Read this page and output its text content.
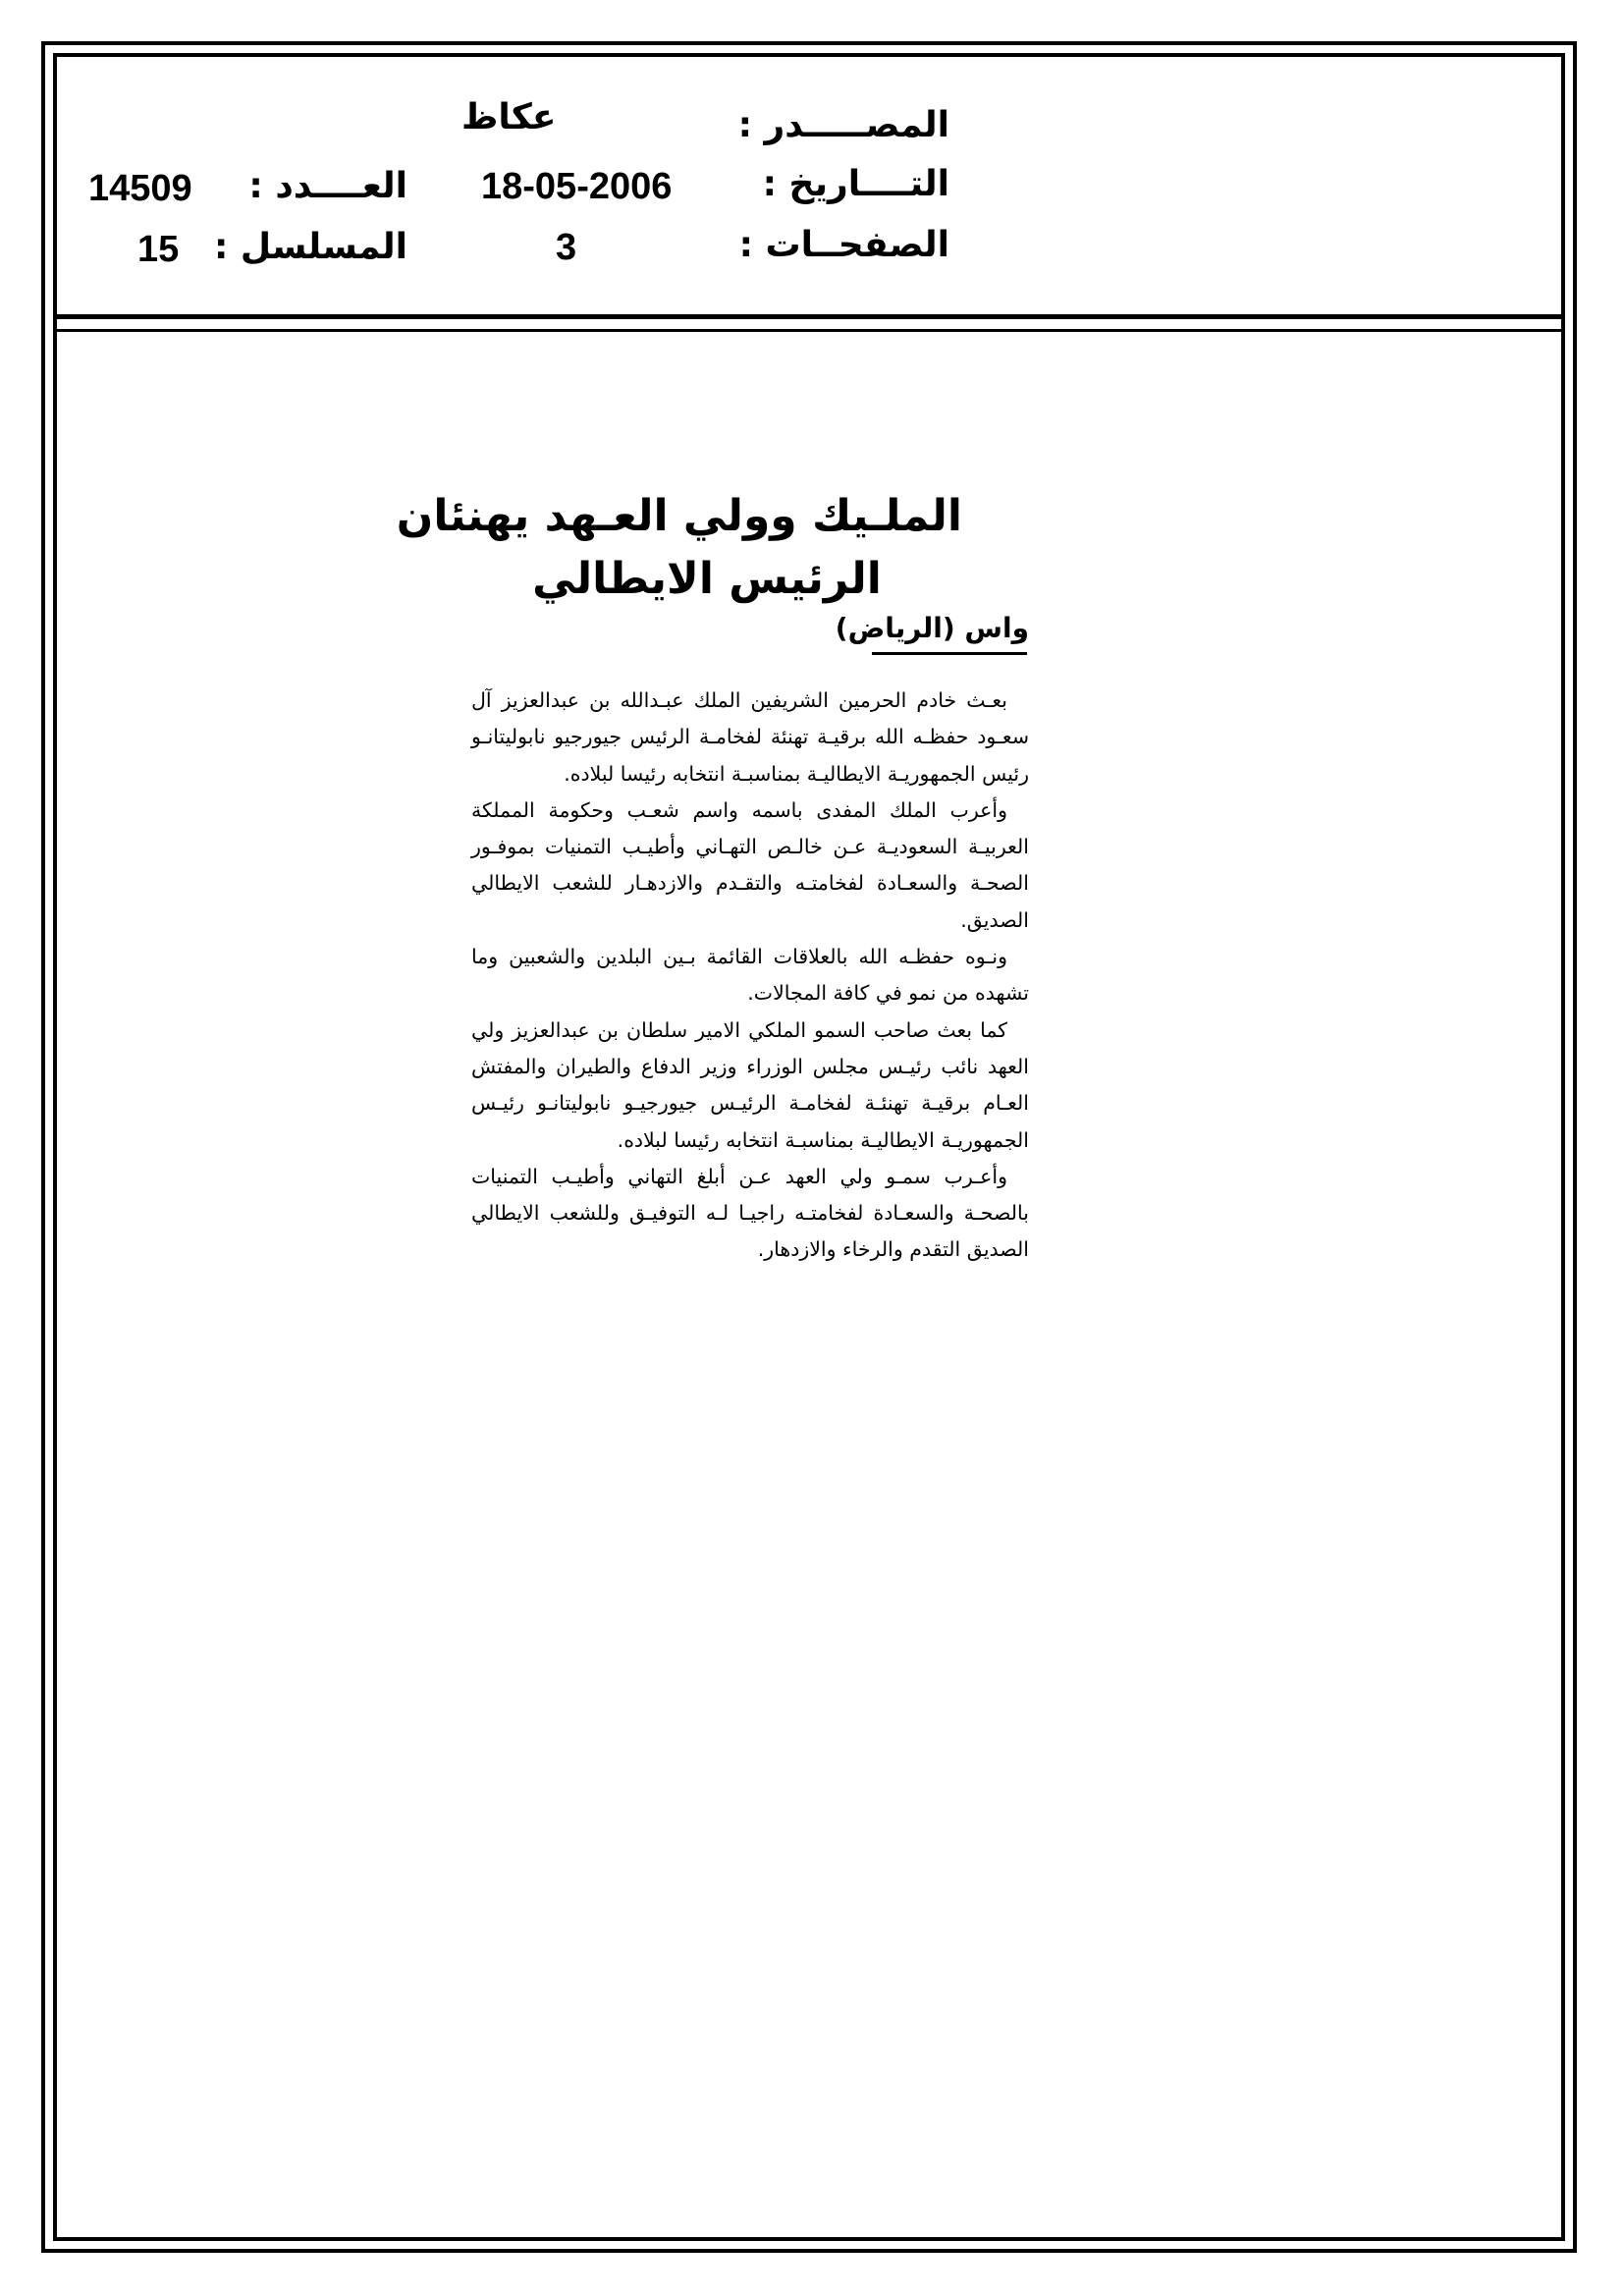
المصـــــدر :
عكاظ
التــــاريخ :
18-05-2006
العــــدد :
14509
الصفحــات :
3
المسلسل :
15
الملـيك وولي العـهد يهنئان
الرئيس الايطالي
واس (الرياض)

بعـث خادم الحرمين الشريفين الملك عبـدالله بن عبدالعزيز آل سعـود حفظـه الله برقيـة تهنئة لفخامـة الرئيس جيورجيو نابوليتانـو رئيس الجمهوريـة الايطاليـة بمناسبـة انتخابه رئيسا لبلاده.

وأعرب الملك المفدى باسمه واسم شعـب وحكومة المملكة العربيـة السعوديـة عـن خالـص التهـاني وأطيـب التمنيات بموفـور الصحـة والسعـادة لفخامتـه والتقـدم والازدهـار للشعب الايطالي الصديق.

ونـوه حفظـه الله بالعلاقات القائمة بـين البلدين والشعبين وما تشهده من نمو في كافة المجالات.

كما بعث صاحب السمو الملكي الامير سلطان بن عبدالعزيز ولي العهد نائب رئيـس مجلس الوزراء وزير الدفاع والطيران والمفتش العـام برقيـة تهنئـة لفخامـة الرئيـس جيورجيـو نابوليتانـو رئيـس الجمهوريـة الايطاليـة بمناسبـة انتخابه رئيسا لبلاده.

وأعـرب سمـو ولي العهد عـن أبلغ التهاني وأطيـب التمنيات بالصحـة والسعـادة لفخامتـه راجيـا لـه التوفيـق وللشعب الايطالي الصديق التقدم والرخاء والازدهار.
